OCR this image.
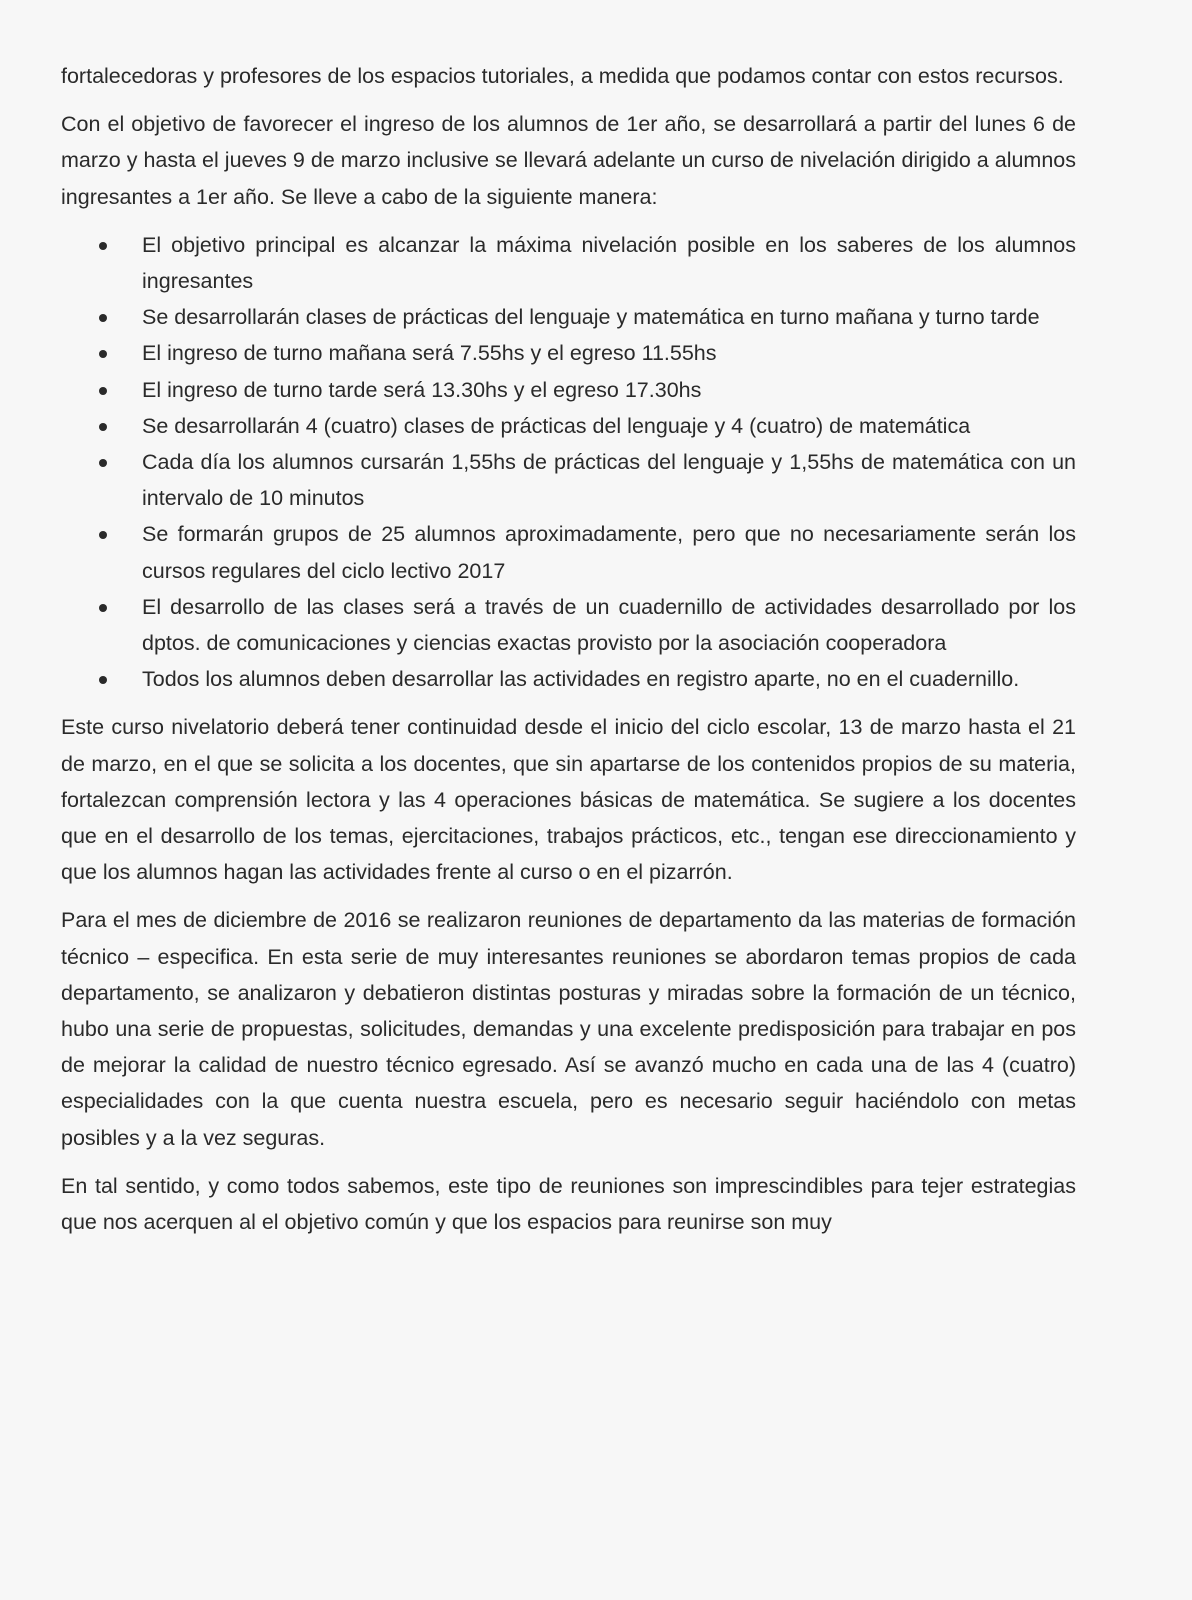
fortalecedoras y profesores de los espacios tutoriales, a medida que podamos contar con estos recursos.

Con el objetivo de favorecer el ingreso de los alumnos de 1er año, se desarrollará a partir del lunes 6 de marzo y hasta el jueves 9 de marzo inclusive se llevará adelante un curso de nivelación dirigido a alumnos ingresantes a 1er año. Se lleve a cabo de la siguiente manera:

El objetivo principal es alcanzar la máxima nivelación posible en los saberes de los alumnos ingresantes
Se desarrollarán clases de prácticas del lenguaje y matemática en turno mañana y turno tarde
El ingreso de turno mañana será 7.55hs y el egreso 11.55hs
El ingreso de turno tarde será 13.30hs y el egreso 17.30hs
Se desarrollarán 4 (cuatro) clases de prácticas del lenguaje y 4 (cuatro) de matemática
Cada día los alumnos cursarán 1,55hs de prácticas del lenguaje y 1,55hs de matemática con un intervalo de 10 minutos
Se formarán grupos de 25 alumnos aproximadamente, pero que no necesariamente serán los cursos regulares del ciclo lectivo 2017
El desarrollo de las clases será a través de un cuadernillo de actividades desarrollado por los dptos. de comunicaciones y ciencias exactas provisto por la asociación cooperadora
Todos los alumnos deben desarrollar las actividades en registro aparte, no en el cuadernillo.

Este curso nivelatorio deberá tener continuidad desde el inicio del ciclo escolar, 13 de marzo hasta el 21 de marzo, en el que se solicita a los docentes, que sin apartarse de los contenidos propios de su materia, fortalezcan comprensión lectora y las 4 operaciones básicas de matemática. Se sugiere a los docentes que en el desarrollo de los temas, ejercitaciones, trabajos prácticos, etc., tengan ese direccionamiento y que los alumnos hagan las actividades frente al curso o en el pizarrón.

Para el mes de diciembre de 2016 se realizaron reuniones de departamento da las materias de formación técnico – especifica. En esta serie de muy interesantes reuniones se abordaron temas propios de cada departamento, se analizaron y debatieron distintas posturas y miradas sobre la formación de un técnico, hubo una serie de propuestas, solicitudes, demandas y una excelente predisposición para trabajar en pos de mejorar la calidad de nuestro técnico egresado. Así se avanzó mucho en cada una de las 4 (cuatro) especialidades con la que cuenta nuestra escuela, pero es necesario seguir haciéndolo con metas posibles y a la vez seguras.

En tal sentido, y como todos sabemos, este tipo de reuniones son imprescindibles para tejer estrategias que nos acerquen al el objetivo común y que los espacios para reunirse son muy
